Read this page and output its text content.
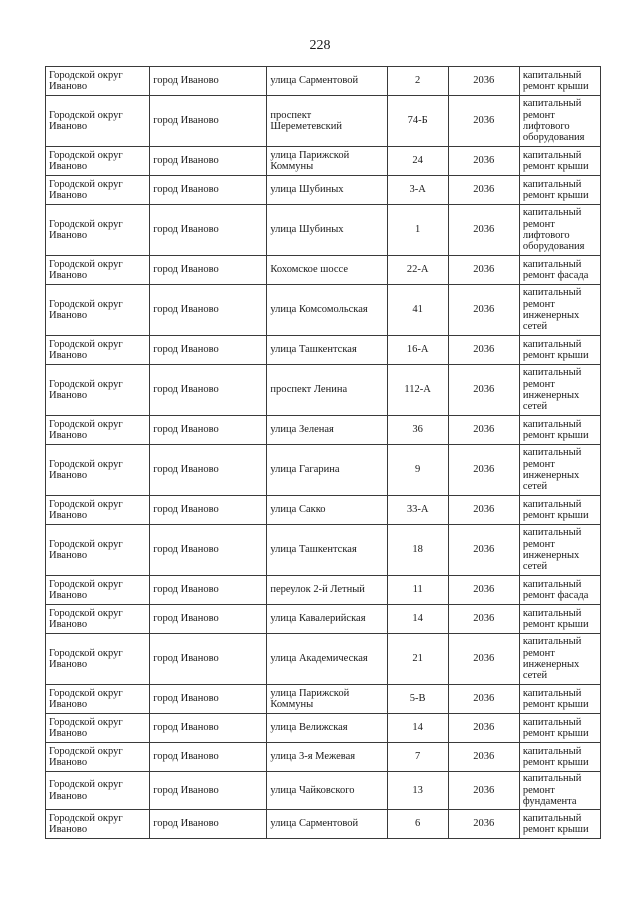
228
Городской округ Иваново	город Иваново	улица Сарментовой	2	2036	капитальный ремонт крыши
Городской округ Иваново	город Иваново	проспект Шереметевский	74-Б	2036	капитальный ремонт лифтового оборудования
Городской округ Иваново	город Иваново	улица Парижской Коммуны	24	2036	капитальный ремонт крыши
Городской округ Иваново	город Иваново	улица Шубиных	3-А	2036	капитальный ремонт крыши
Городской округ Иваново	город Иваново	улица Шубиных	1	2036	капитальный ремонт лифтового оборудования
Городской округ Иваново	город Иваново	Кохомское шоссе	22-А	2036	капитальный ремонт фасада
Городской округ Иваново	город Иваново	улица Комсомольская	41	2036	капитальный ремонт инженерных сетей
Городской округ Иваново	город Иваново	улица Ташкентская	16-А	2036	капитальный ремонт крыши
Городской округ Иваново	город Иваново	проспект Ленина	112-А	2036	капитальный ремонт инженерных сетей
Городской округ Иваново	город Иваново	улица Зеленая	36	2036	капитальный ремонт крыши
Городской округ Иваново	город Иваново	улица Гагарина	9	2036	капитальный ремонт инженерных сетей
Городской округ Иваново	город Иваново	улица Сакко	33-А	2036	капитальный ремонт крыши
Городской округ Иваново	город Иваново	улица Ташкентская	18	2036	капитальный ремонт инженерных сетей
Городской округ Иваново	город Иваново	переулок 2-й Летный	11	2036	капитальный ремонт фасада
Городской округ Иваново	город Иваново	улица Кавалерийская	14	2036	капитальный ремонт крыши
Городской округ Иваново	город Иваново	улица Академическая	21	2036	капитальный ремонт инженерных сетей
Городской округ Иваново	город Иваново	улица Парижской Коммуны	5-В	2036	капитальный ремонт крыши
Городской округ Иваново	город Иваново	улица Велижская	14	2036	капитальный ремонт крыши
Городской округ Иваново	город Иваново	улица 3-я Межевая	7	2036	капитальный ремонт крыши
Городской округ Иваново	город Иваново	улица Чайковского	13	2036	капитальный ремонт фундамента
Городской округ Иваново	город Иваново	улица Сарментовой	6	2036	капитальный ремонт крыши
